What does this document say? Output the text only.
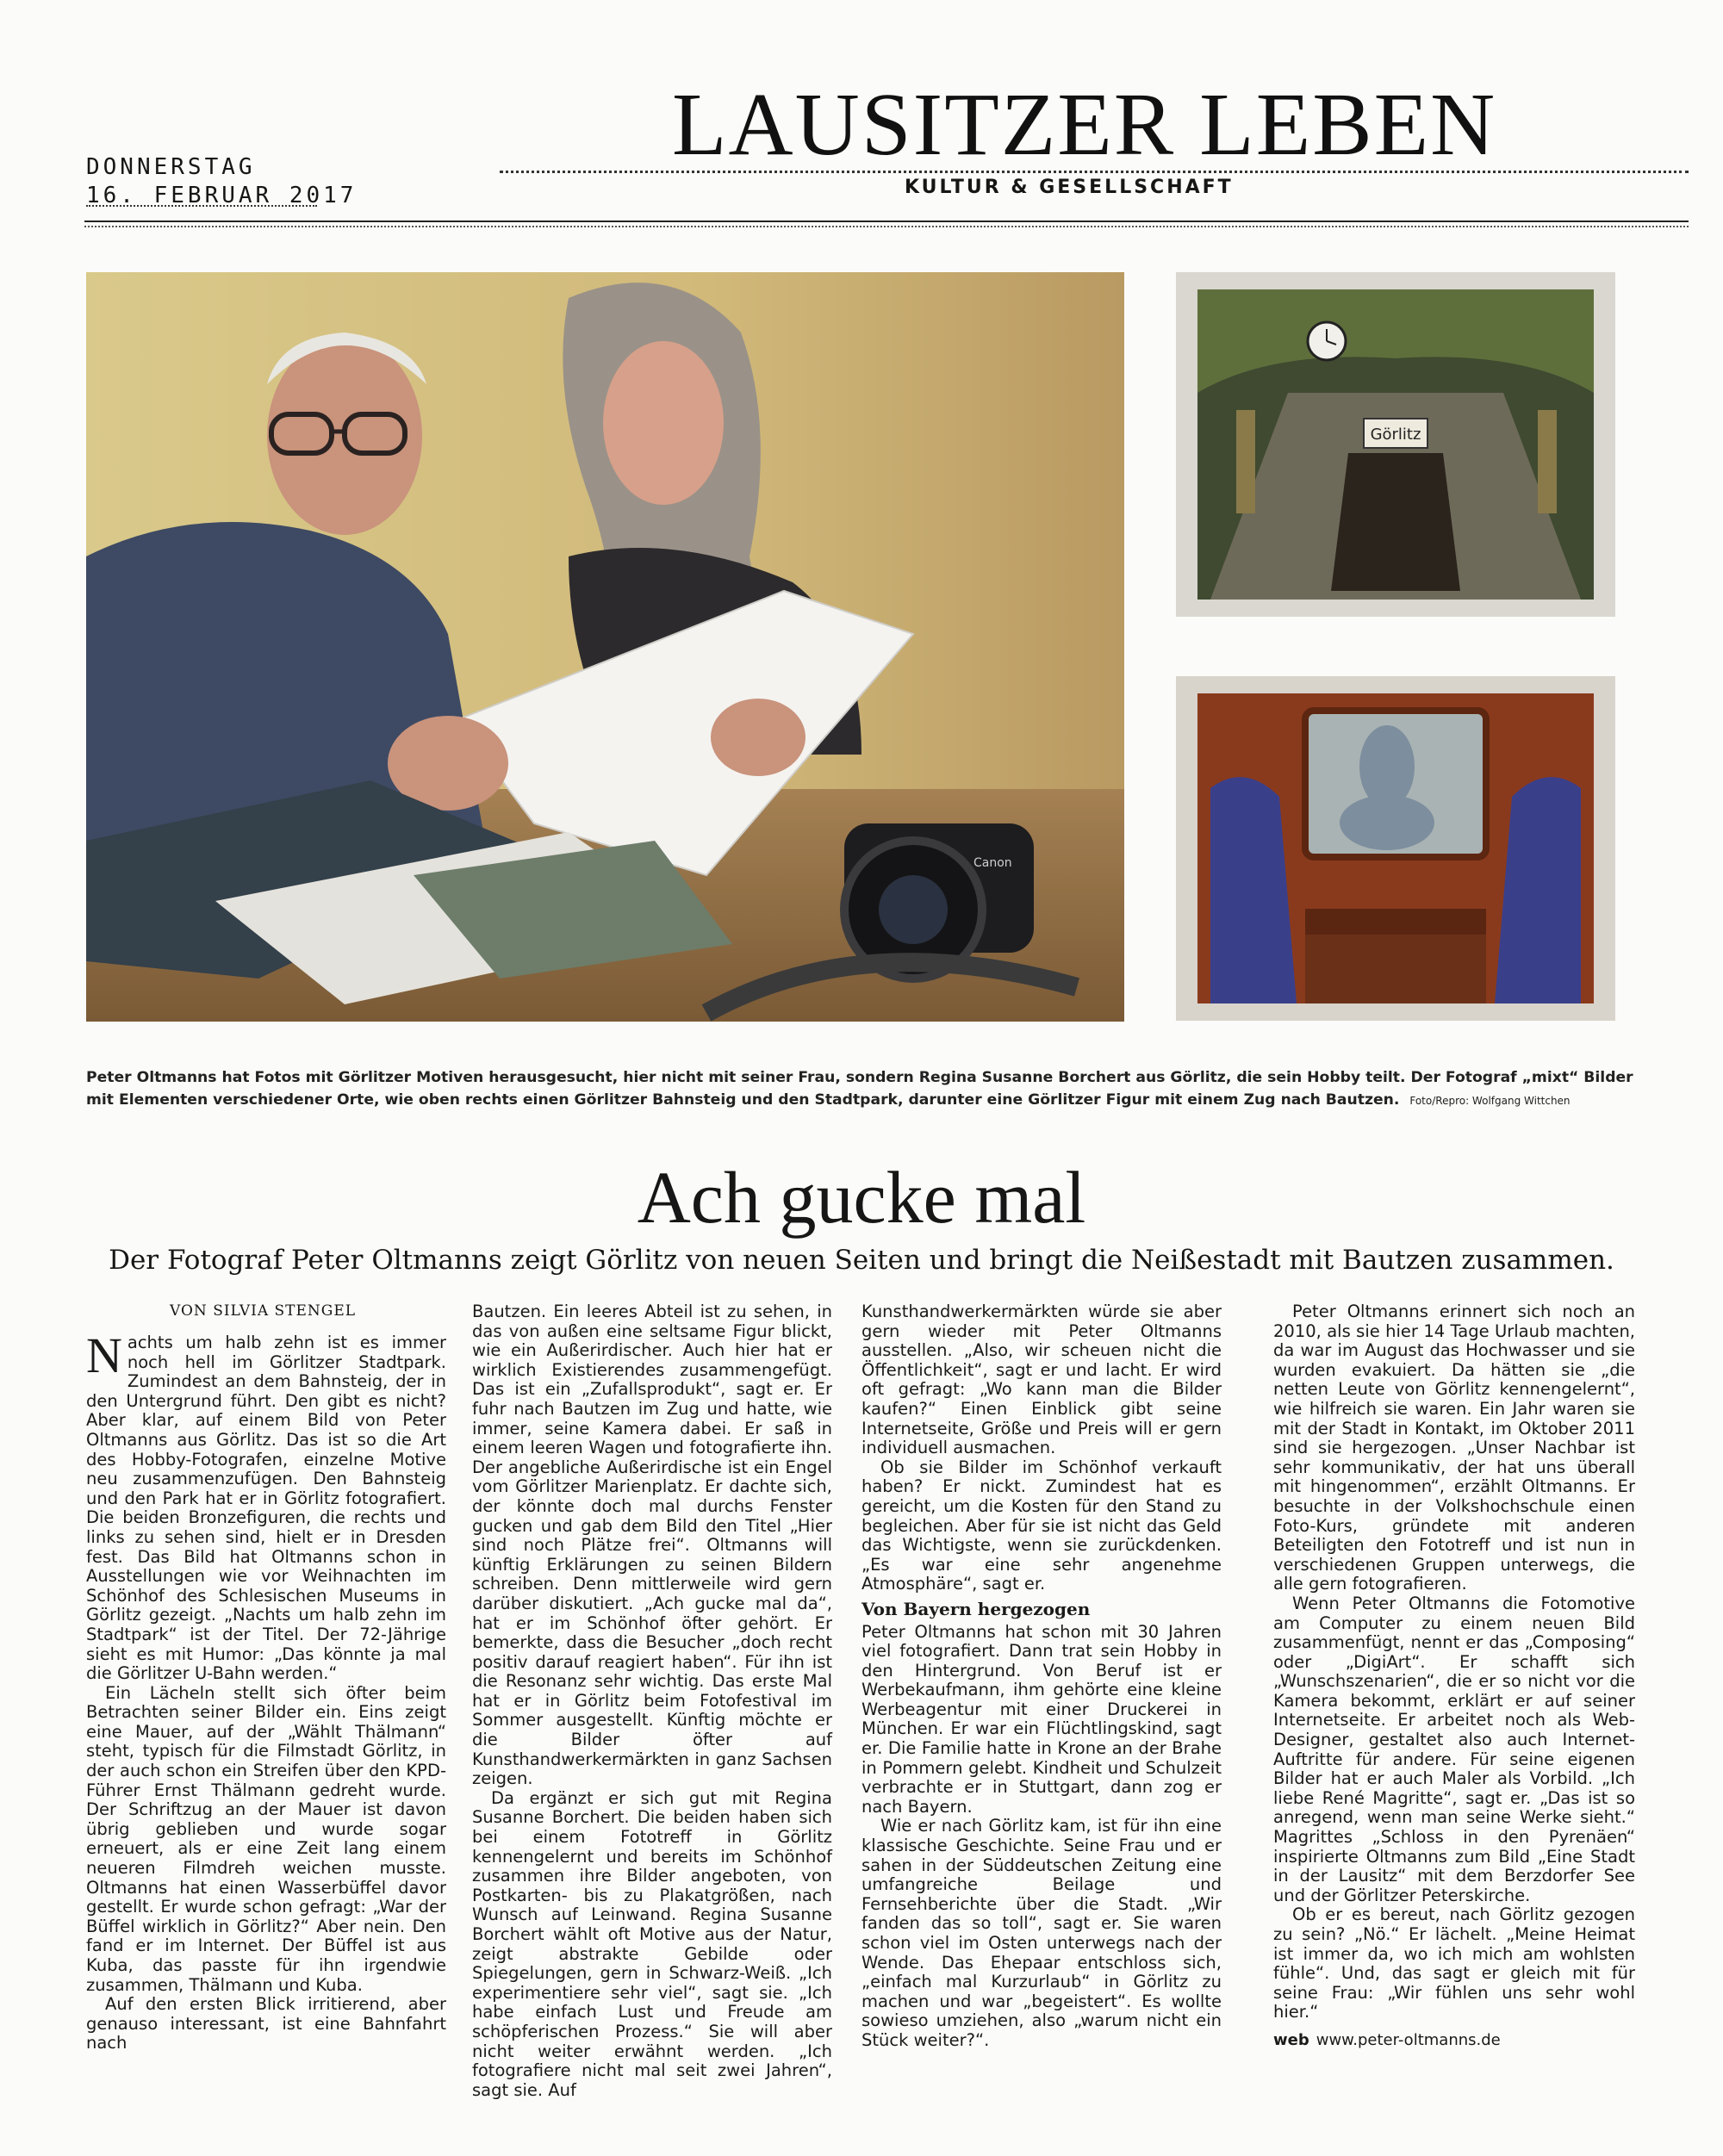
LAUSITZER LEBEN
DONNERSTAG
16. FEBRUAR 2017	KULTUR & GESELLSCHAFT
Canon
Görlitz
Peter Oltmanns hat Fotos mit Görlitzer Motiven herausgesucht, hier nicht mit seiner Frau, sondern Regina Susanne Borchert aus Görlitz, die sein Hobby teilt. Der Fotograf „mixt“ Bilder mit Elementen verschiedener Orte, wie oben rechts einen Görlitzer Bahnsteig und den Stadtpark, darunter eine Görlitzer Figur mit einem Zug nach Bautzen. Foto/Repro: Wolfgang Wittchen
Ach gucke mal
Der Fotograf Peter Oltmanns zeigt Görlitz von neuen Seiten und bringt die Neißestadt mit Bautzen zusammen.
VON SILVIA STENGEL

Nachts um halb zehn ist es immer noch hell im Görlitzer Stadtpark. Zumindest an dem Bahnsteig, der in den Untergrund führt. Den gibt es nicht? Aber klar, auf einem Bild von Peter Oltmanns aus Görlitz. Das ist so die Art des Hobby-Fotografen, einzelne Motive neu zusammenzufügen. Den Bahnsteig und den Park hat er in Görlitz fotografiert. Die beiden Bronzefiguren, die rechts und links zu sehen sind, hielt er in Dresden fest. Das Bild hat Oltmanns schon in Ausstellungen wie vor Weihnachten im Schönhof des Schlesischen Museums in Görlitz gezeigt. „Nachts um halb zehn im Stadtpark“ ist der Titel. Der 72-Jährige sieht es mit Humor: „Das könnte ja mal die Görlitzer U-Bahn werden.“

Ein Lächeln stellt sich öfter beim Betrachten seiner Bilder ein. Eins zeigt eine Mauer, auf der „Wählt Thälmann“ steht, typisch für die Filmstadt Görlitz, in der auch schon ein Streifen über den KPD-Führer Ernst Thälmann gedreht wurde. Der Schriftzug an der Mauer ist davon übrig geblieben und wurde sogar erneuert, als er eine Zeit lang einem neueren Filmdreh weichen musste. Oltmanns hat einen Wasserbüffel davor gestellt. Er wurde schon gefragt: „War der Büffel wirklich in Görlitz?“ Aber nein. Den fand er im Internet. Der Büffel ist aus Kuba, das passte für ihn irgendwie zusammen, Thälmann und Kuba.

Auf den ersten Blick irritierend, aber genauso interessant, ist eine Bahnfahrt nach

Bautzen. Ein leeres Abteil ist zu sehen, in das von außen eine seltsame Figur blickt, wie ein Außerirdischer. Auch hier hat er wirklich Existierendes zusammengefügt. Das ist ein „Zufallsprodukt“, sagt er. Er fuhr nach Bautzen im Zug und hatte, wie immer, seine Kamera dabei. Er saß in einem leeren Wagen und fotografierte ihn. Der angebliche Außerirdische ist ein Engel vom Görlitzer Marienplatz. Er dachte sich, der könnte doch mal durchs Fenster gucken und gab dem Bild den Titel „Hier sind noch Plätze frei“. Oltmanns will künftig Erklärungen zu seinen Bildern schreiben. Denn mittlerweile wird gern darüber diskutiert. „Ach gucke mal da“, hat er im Schönhof öfter gehört. Er bemerkte, dass die Besucher „doch recht positiv darauf reagiert haben“. Für ihn ist die Resonanz sehr wichtig. Das erste Mal hat er in Görlitz beim Fotofestival im Sommer ausgestellt. Künftig möchte er die Bilder öfter auf Kunsthandwerkermärkten in ganz Sachsen zeigen.

Da ergänzt er sich gut mit Regina Susanne Borchert. Die beiden haben sich bei einem Fototreff in Görlitz kennengelernt und bereits im Schönhof zusammen ihre Bilder angeboten, von Postkarten- bis zu Plakatgrößen, nach Wunsch auf Leinwand. Regina Susanne Borchert wählt oft Motive aus der Natur, zeigt abstrakte Gebilde oder Spiegelungen, gern in Schwarz-Weiß. „Ich experimentiere sehr viel“, sagt sie. „Ich habe einfach Lust und Freude am schöpferischen Prozess.“ Sie will aber nicht weiter erwähnt werden. „Ich fotografiere nicht mal seit zwei Jahren“, sagt sie. Auf

Kunsthandwerkermärkten würde sie aber gern wieder mit Peter Oltmanns ausstellen. „Also, wir scheuen nicht die Öffentlichkeit“, sagt er und lacht. Er wird oft gefragt: „Wo kann man die Bilder kaufen?“ Einen Einblick gibt seine Internetseite, Größe und Preis will er gern individuell ausmachen.

Ob sie Bilder im Schönhof verkauft haben? Er nickt. Zumindest hat es gereicht, um die Kosten für den Stand zu begleichen. Aber für sie ist nicht das Geld das Wichtigste, wenn sie zurückdenken. „Es war eine sehr angenehme Atmosphäre“, sagt er.

Von Bayern hergezogen

Peter Oltmanns hat schon mit 30 Jahren viel fotografiert. Dann trat sein Hobby in den Hintergrund. Von Beruf ist er Werbekaufmann, ihm gehörte eine kleine Werbeagentur mit einer Druckerei in München. Er war ein Flüchtlingskind, sagt er. Die Familie hatte in Krone an der Brahe in Pommern gelebt. Kindheit und Schulzeit verbrachte er in Stuttgart, dann zog er nach Bayern.

Wie er nach Görlitz kam, ist für ihn eine klassische Geschichte. Seine Frau und er sahen in der Süddeutschen Zeitung eine umfangreiche Beilage und Fernsehberichte über die Stadt. „Wir fanden das so toll“, sagt er. Sie waren schon viel im Osten unterwegs nach der Wende. Das Ehepaar entschloss sich, „einfach mal Kurzurlaub“ in Görlitz zu machen und war „begeistert“. Es wollte sowieso umziehen, also „warum nicht ein Stück weiter?“.

Peter Oltmanns erinnert sich noch an 2010, als sie hier 14 Tage Urlaub machten, da war im August das Hochwasser und sie wurden evakuiert. Da hätten sie „die netten Leute von Görlitz kennengelernt“, wie hilfreich sie waren. Ein Jahr waren sie mit der Stadt in Kontakt, im Oktober 2011 sind sie hergezogen. „Unser Nachbar ist sehr kommunikativ, der hat uns überall mit hingenommen“, erzählt Oltmanns. Er besuchte in der Volkshochschule einen Foto-Kurs, gründete mit anderen Beteiligten den Fototreff und ist nun in verschiedenen Gruppen unterwegs, die alle gern fotografieren.

Wenn Peter Oltmanns die Fotomotive am Computer zu einem neuen Bild zusammenfügt, nennt er das „Composing“ oder „DigiArt“. Er schafft sich „Wunschszenarien“, die er so nicht vor die Kamera bekommt, erklärt er auf seiner Internetseite. Er arbeitet noch als Web-Designer, gestaltet also auch Internet-Auftritte für andere. Für seine eigenen Bilder hat er auch Maler als Vorbild. „Ich liebe René Magritte“, sagt er. „Das ist so anregend, wenn man seine Werke sieht.“ Magrittes „Schloss in den Pyrenäen“ inspirierte Oltmanns zum Bild „Eine Stadt in der Lausitz“ mit dem Berzdorfer See und der Görlitzer Peterskirche.

Ob er es bereut, nach Görlitz gezogen zu sein? „Nö.“ Er lächelt. „Meine Heimat ist immer da, wo ich mich am wohlsten fühle“. Und, das sagt er gleich mit für seine Frau: „Wir fühlen uns sehr wohl hier.“

web www.peter-oltmanns.de
